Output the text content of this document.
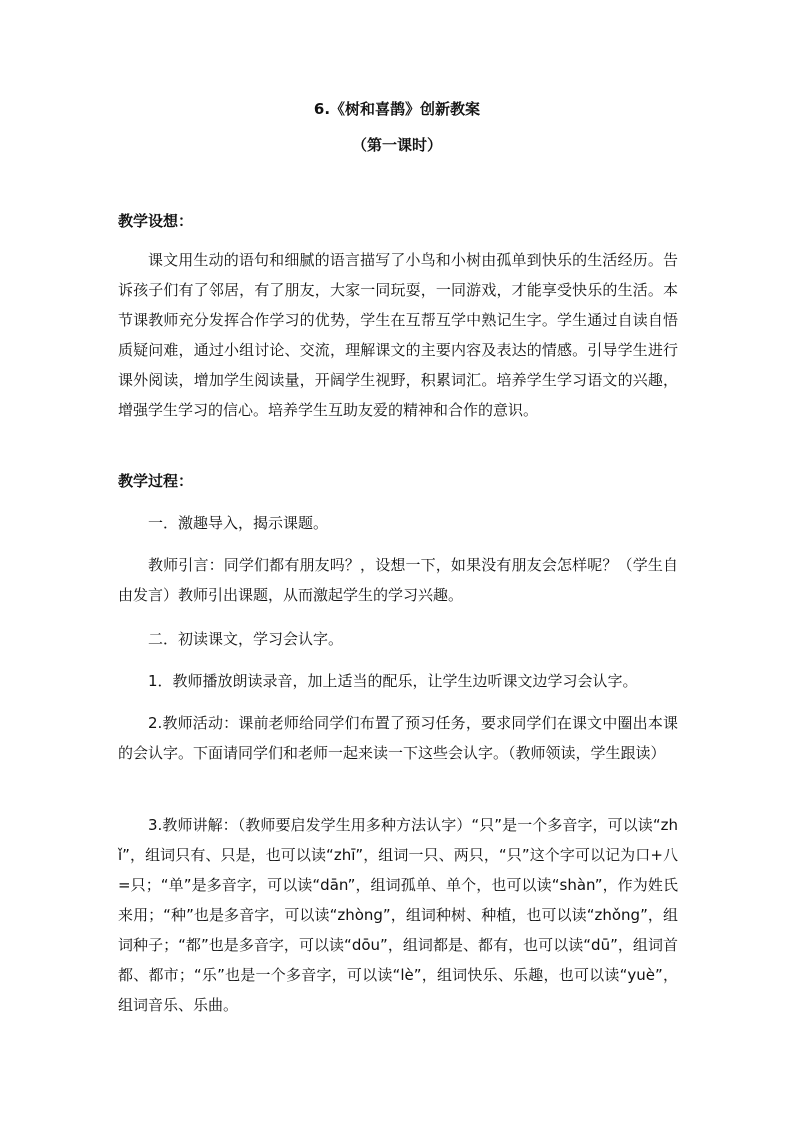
6.《树和喜鹊》创新教案
（第一课时）
教学设想：
课文用生动的语句和细腻的语言描写了小鸟和小树由孤单到快乐的生活经历。告诉孩子们有了邻居，有了朋友，大家一同玩耍，一同游戏，才能享受快乐的生活。本节课教师充分发挥合作学习的优势，学生在互帮互学中熟记生字。学生通过自读自悟质疑问难，通过小组讨论、交流，理解课文的主要内容及表达的情感。引导学生进行课外阅读，增加学生阅读量，开阔学生视野，积累词汇。培养学生学习语文的兴趣，增强学生学习的信心。培养学生互助友爱的精神和合作的意识。
教学过程：
一．激趣导入，揭示课题。
教师引言：同学们都有朋友吗？，设想一下，如果没有朋友会怎样呢？（学生自由发言）教师引出课题，从而激起学生的学习兴趣。
二．初读课文，学习会认字。
1．教师播放朗读录音，加上适当的配乐，让学生边听课文边学习会认字。
2.教师活动：课前老师给同学们布置了预习任务，要求同学们在课文中圈出本课的会认字。下面请同学们和老师一起来读一下这些会认字。（教师领读，学生跟读）
3.教师讲解：（教师要启发学生用多种方法认字）“只”是一个多音字，可以读“zhǐ”，组词只有、只是，也可以读“zhī”，组词一只、两只，“只”这个字可以记为口+八=只；“单”是多音字，可以读“dān”，组词孤单、单个，也可以读“shàn”，作为姓氏来用；“种”也是多音字，可以读“zhòng”，组词种树、种植，也可以读“zhǒng”，组词种子；“都”也是多音字，可以读“dōu”，组词都是、都有，也可以读“dū”，组词首都、都市；“乐”也是一个多音字，可以读“lè”，组词快乐、乐趣，也可以读“yuè”，组词音乐、乐曲。
